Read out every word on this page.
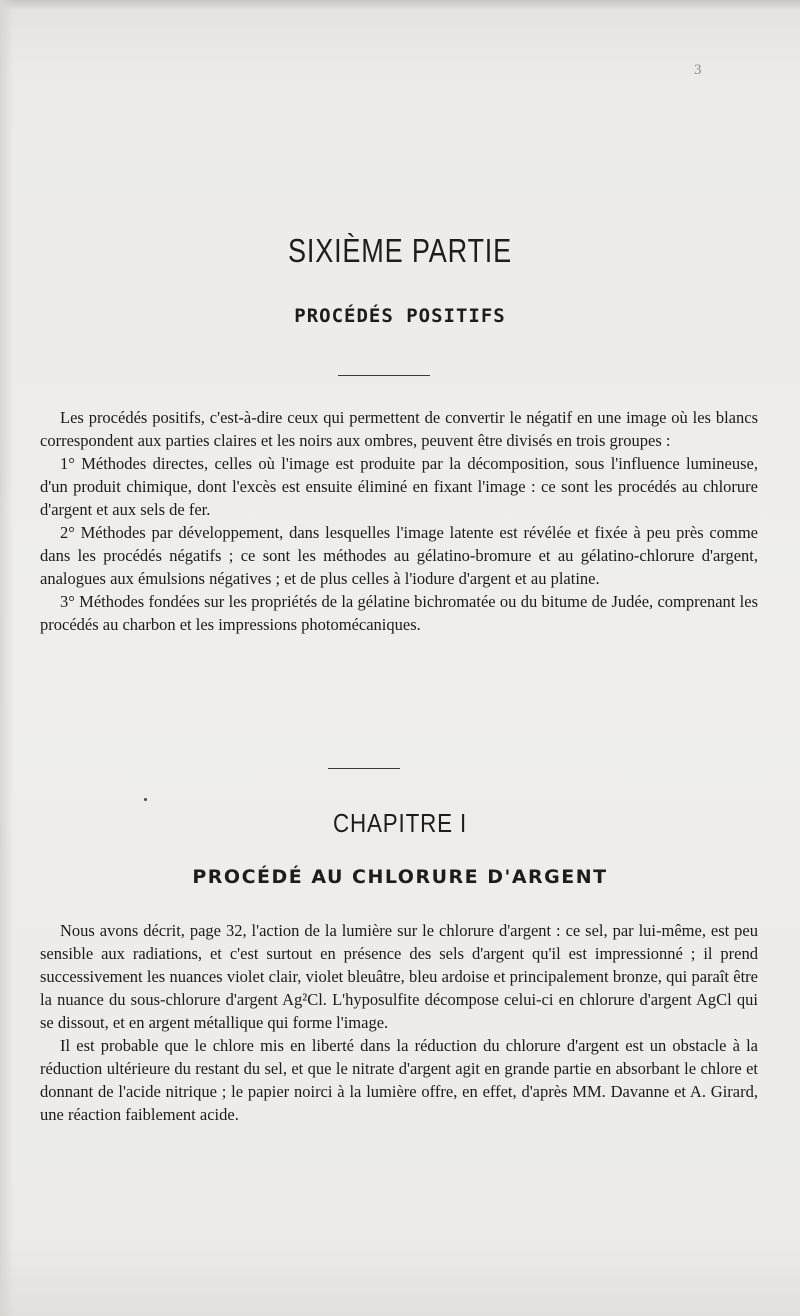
3
SIXIÈME PARTIE
PROCÉDÉS POSITIFS

Les procédés positifs, c'est-à-dire ceux qui permettent de convertir le négatif en une image où les blancs correspondent aux parties claires et les noirs aux ombres, peuvent être divisés en trois groupes :

1° Méthodes directes, celles où l'image est produite par la décomposition, sous l'influence lumineuse, d'un produit chimique, dont l'excès est ensuite éliminé en fixant l'image : ce sont les procédés au chlorure d'argent et aux sels de fer.

2° Méthodes par développement, dans lesquelles l'image latente est révélée et fixée à peu près comme dans les procédés négatifs ; ce sont les méthodes au gélatino-bromure et au gélatino-chlorure d'argent, analogues aux émulsions négatives ; et de plus celles à l'iodure d'argent et au platine.

3° Méthodes fondées sur les propriétés de la gélatine bichromatée ou du bitume de Judée, comprenant les procédés au charbon et les impressions photomécaniques.

CHAPITRE I
PROCÉDÉ AU CHLORURE D'ARGENT

Nous avons décrit, page 32, l'action de la lumière sur le chlorure d'argent : ce sel, par lui-même, est peu sensible aux radiations, et c'est surtout en présence des sels d'argent qu'il est impressionné ; il prend successivement les nuances violet clair, violet bleuâtre, bleu ardoise et principalement bronze, qui paraît être la nuance du sous-chlorure d'argent Ag²Cl. L'hyposulfite décompose celui-ci en chlorure d'argent AgCl qui se dissout, et en argent métallique qui forme l'image.

Il est probable que le chlore mis en liberté dans la réduction du chlorure d'argent est un obstacle à la réduction ultérieure du restant du sel, et que le nitrate d'argent agit en grande partie en absorbant le chlore et donnant de l'acide nitrique ; le papier noirci à la lumière offre, en effet, d'après MM. Davanne et A. Girard, une réaction faiblement acide.
